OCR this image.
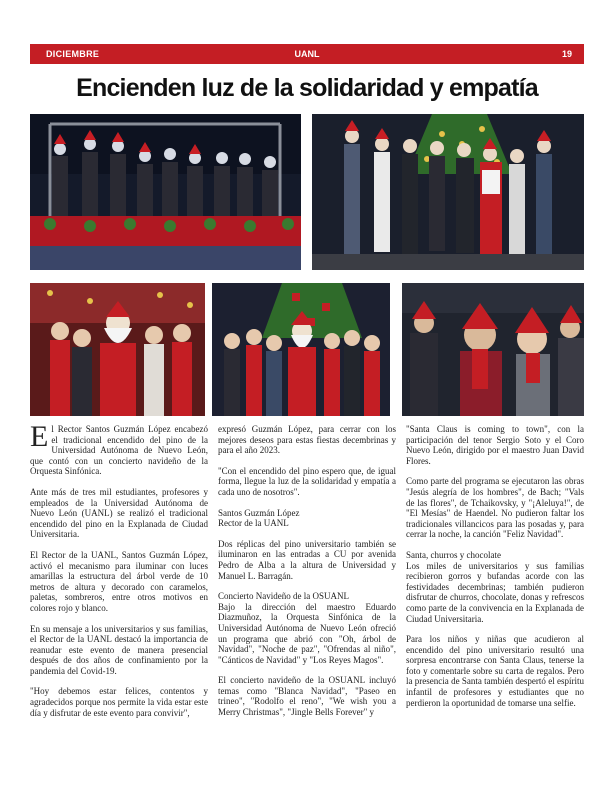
DICIEMBRE	UANL	19
Encienden luz de la solidaridad y empatía

El Rector Santos Guzmán López encabezó el tradicional encendido del pino de la Universidad Autónoma de Nuevo León, que contó con un concierto navideño de la Orquesta Sinfónica.

Ante más de tres mil estudiantes, profesores y empleados de la Universidad Autónoma de Nuevo León (UANL) se realizó el tradicional encendido del pino en la Explanada de Ciudad Universitaria.

El Rector de la UANL, Santos Guzmán López, activó el mecanismo para iluminar con luces amarillas la estructura del árbol verde de 10 metros de altura y decorado con caramelos, paletas, sombreros, entre otros motivos en colores rojo y blanco.

En su mensaje a los universitarios y sus familias, el Rector de la UANL destacó la importancia de reanudar este evento de manera presencial después de dos años de confinamiento por la pandemia del Covid-19.

"Hoy debemos estar felices, contentos y agradecidos porque nos permite la vida estar este día y disfrutar de este evento para convivir",

expresó Guzmán López, para cerrar con los mejores deseos para estas fiestas decembrinas y para el año 2023.

"Con el encendido del pino espero que, de igual forma, llegue la luz de la solidaridad y empatía a cada uno de nosotros".

Santos Guzmán López

Rector de la UANL

Dos réplicas del pino universitario también se iluminaron en las entradas a CU por avenida Pedro de Alba a la altura de Universidad y Manuel L. Barragán.

Concierto Navideño de la OSUANL

Bajo la dirección del maestro Eduardo Diazmuñoz, la Orquesta Sinfónica de la Universidad Autónoma de Nuevo León ofreció un programa que abrió con "Oh, árbol de Navidad", "Noche de paz", "Ofrendas al niño", "Cánticos de Navidad" y "Los Reyes Magos".

El concierto navideño de la OSUANL incluyó temas como "Blanca Navidad", "Paseo en trineo", "Rodolfo el reno", "We wish you a Merry Christmas", "Jingle Bells Forever" y

"Santa Claus is coming to town", con la participación del tenor Sergio Soto y el Coro Nuevo León, dirigido por el maestro Juan David Flores.

Como parte del programa se ejecutaron las obras "Jesús alegría de los hombres", de Bach; "Vals de las flores", de Tchaikovsky, y "¡Aleluya!", de "El Mesías" de Haendel. No pudieron faltar los tradicionales villancicos para las posadas y, para cerrar la noche, la canción "Feliz Navidad".

Santa, churros y chocolate

Los miles de universitarios y sus familias recibieron gorros y bufandas acorde con las festividades decembrinas; también pudieron disfrutar de churros, chocolate, donas y refrescos como parte de la convivencia en la Explanada de Ciudad Universitaria.

Para los niños y niñas que acudieron al encendido del pino universitario resultó una sorpresa encontrarse con Santa Claus, tenerse la foto y comentarle sobre su carta de regalos. Pero la presencia de Santa también despertó el espíritu infantil de profesores y estudiantes que no perdieron la oportunidad de tomarse una selfie.
